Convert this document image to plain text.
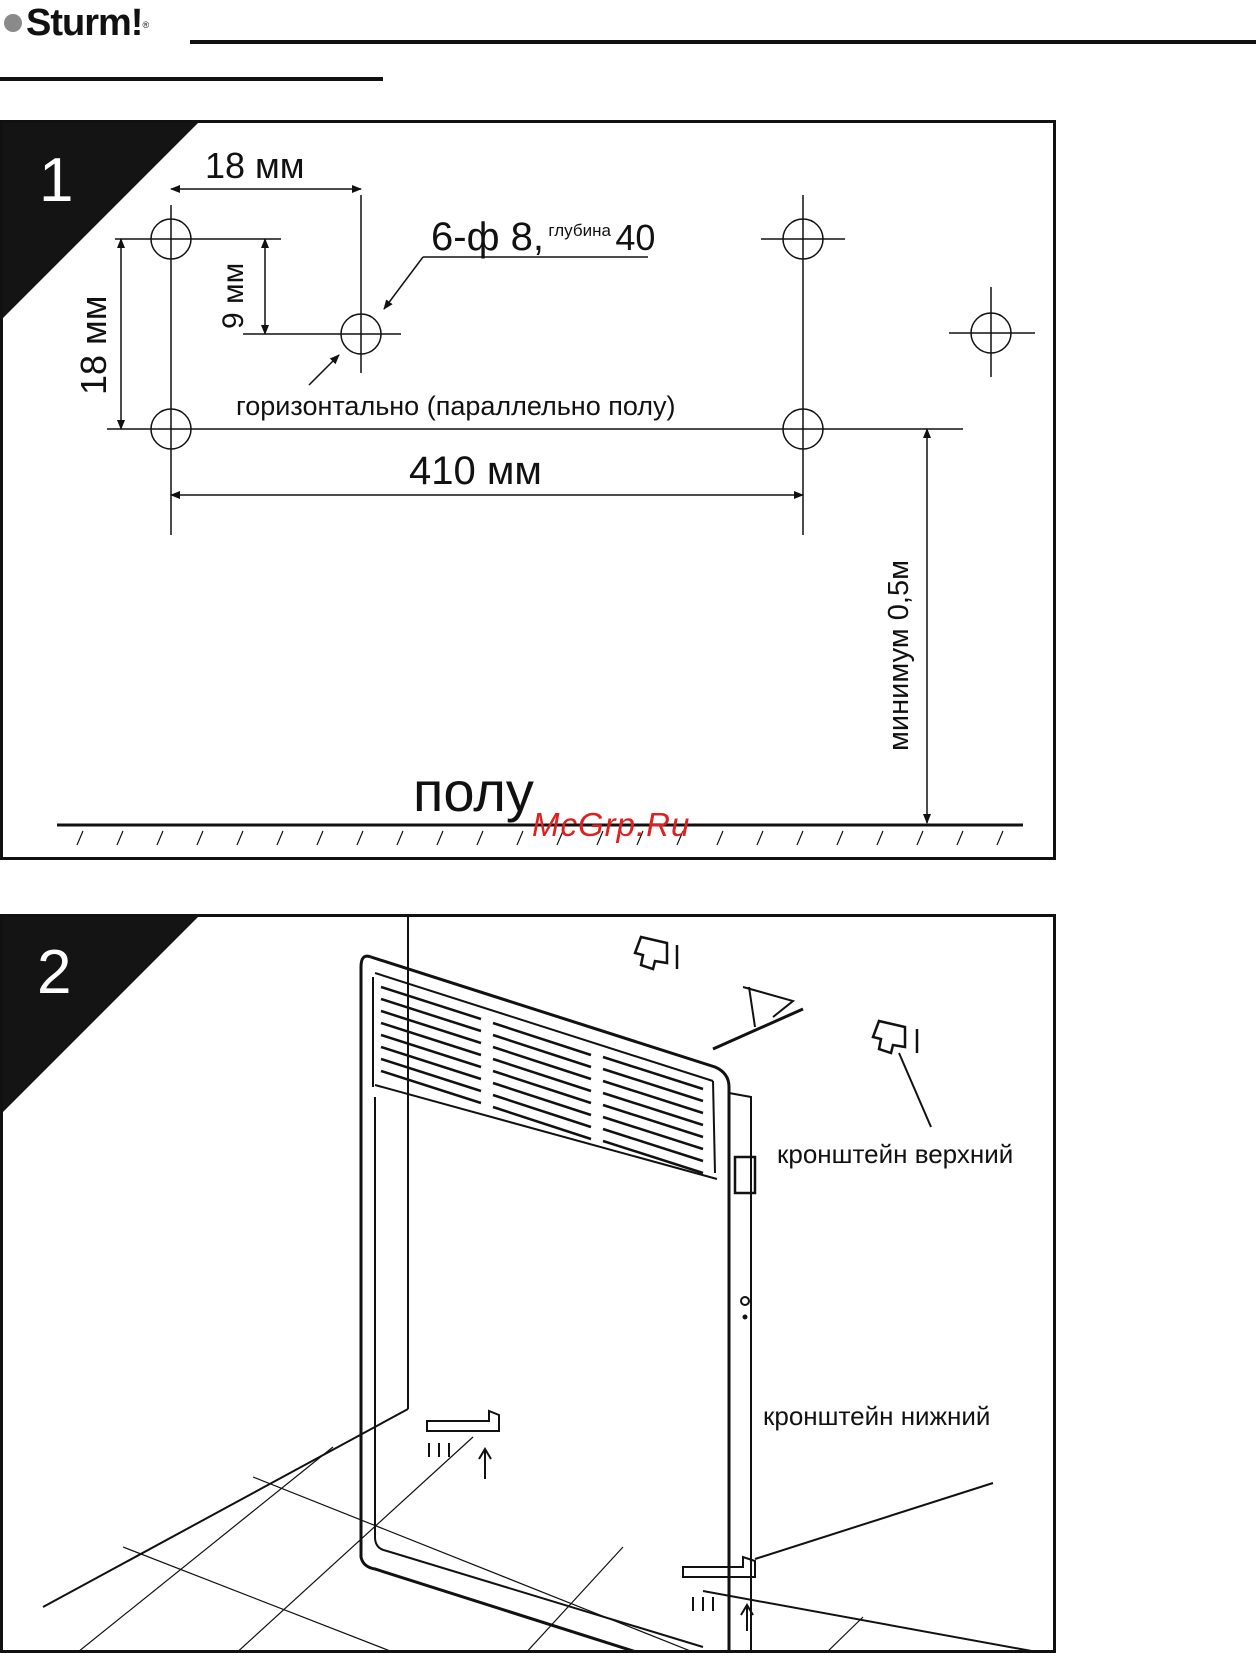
Sturm! ®
1	18 мм
18 мм	9 мм
6-ф 8, глубина 40
горизонтально (параллельно полу)
410 мм
минимум 0,5м
полу
McGrp.Ru
2
кронштейн верхний
кронштейн нижний
